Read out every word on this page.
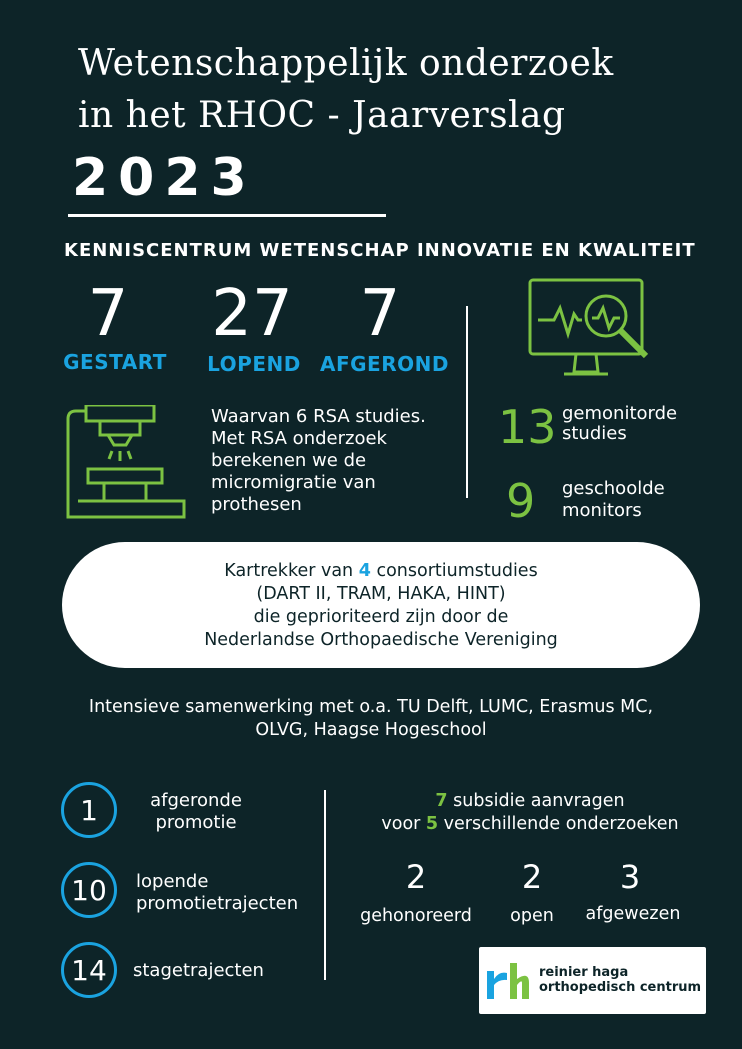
Wetenschappelijk onderzoek
in het RHOC - Jaarverslag
2023
KENNISCENTRUM WETENSCHAP INNOVATIE EN KWALITEIT
7	27	7
GESTART LOPEND AFGEROND
Waarvan 6 RSA studies.
Met RSA onderzoek
berekenen we de
micromigratie van
prothesen
13 gemonitorde
studies
9 geschoolde
monitors
Kartrekker van 4 consortiumstudies
(DART II, TRAM, HAKA, HINT)
die geprioriteerd zijn door de
Nederlandse Orthopaedische Vereniging
Intensieve samenwerking met o.a. TU Delft, LUMC, Erasmus MC,
OLVG, Haagse Hogeschool
1	afgeronde
promotie
10 lopende
promotietrajecten
14 stagetrajecten
7 subsidie aanvragen
voor 5 verschillende onderzoeken
2	2	3
gehonoreerd	open	afgewezen
reinier haga
orthopedisch centrum
